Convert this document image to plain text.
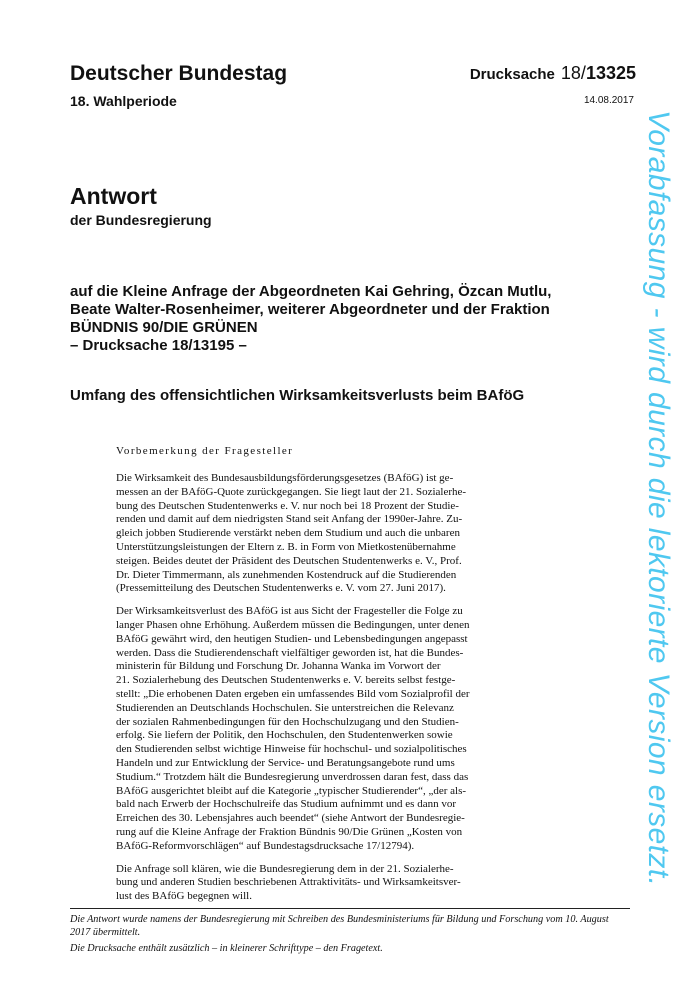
Deutscher Bundestag
18. Wahlperiode
Drucksache 18/13325
14.08.2017
Antwort
der Bundesregierung
auf die Kleine Anfrage der Abgeordneten Kai Gehring, Özcan Mutlu,
Beate Walter-Rosenheimer, weiterer Abgeordneter und der Fraktion
BÜNDNIS 90/DIE GRÜNEN
– Drucksache 18/13195 –
Umfang des offensichtlichen Wirksamkeitsverlusts beim BAföG
Vorbemerkung der Fragesteller

Die Wirksamkeit des Bundesausbildungsförderungsgesetzes (BAföG) ist ge-
messen an der BAföG-Quote zurückgegangen. Sie liegt laut der 21. Sozialerhe-
bung des Deutschen Studentenwerks e. V. nur noch bei 18 Prozent der Studie-
renden und damit auf dem niedrigsten Stand seit Anfang der 1990er-Jahre. Zu-
gleich jobben Studierende verstärkt neben dem Studium und auch die unbaren
Unterstützungsleistungen der Eltern z. B. in Form von Mietkostenübernahme
steigen. Beides deutet der Präsident des Deutschen Studentenwerks e. V., Prof.
Dr. Dieter Timmermann, als zunehmenden Kostendruck auf die Studierenden
(Pressemitteilung des Deutschen Studentenwerks e. V. vom 27. Juni 2017).

Der Wirksamkeitsverlust des BAföG ist aus Sicht der Fragesteller die Folge zu
langer Phasen ohne Erhöhung. Außerdem müssen die Bedingungen, unter denen
BAföG gewährt wird, den heutigen Studien- und Lebensbedingungen angepasst
werden. Dass die Studierendenschaft vielfältiger geworden ist, hat die Bundes-
ministerin für Bildung und Forschung Dr. Johanna Wanka im Vorwort der
21. Sozialerhebung des Deutschen Studentenwerks e. V. bereits selbst festge-
stellt: „Die erhobenen Daten ergeben ein umfassendes Bild vom Sozialprofil der
Studierenden an Deutschlands Hochschulen. Sie unterstreichen die Relevanz
der sozialen Rahmenbedingungen für den Hochschulzugang und den Studien-
erfolg. Sie liefern der Politik, den Hochschulen, den Studentenwerken sowie
den Studierenden selbst wichtige Hinweise für hochschul- und sozialpolitisches
Handeln und zur Entwicklung der Service- und Beratungsangebote rund ums
Studium.“ Trotzdem hält die Bundesregierung unverdrossen daran fest, dass das
BAföG ausgerichtet bleibt auf die Kategorie „typischer Studierender“, „der als-
bald nach Erwerb der Hochschulreife das Studium aufnimmt und es dann vor
Erreichen des 30. Lebensjahres auch beendet“ (siehe Antwort der Bundesregie-
rung auf die Kleine Anfrage der Fraktion Bündnis 90/Die Grünen „Kosten von
BAföG-Reformvorschlägen“ auf Bundestagsdrucksache 17/12794).

Die Anfrage soll klären, wie die Bundesregierung dem in der 21. Sozialerhe-
bung und anderen Studien beschriebenen Attraktivitäts- und Wirksamkeitsver-
lust des BAföG begegnen will.

Die Antwort wurde namens der Bundesregierung mit Schreiben des Bundesministeriums für Bildung und Forschung vom 10. August 2017 übermittelt.

Die Drucksache enthält zusätzlich – in kleinerer Schrifttype – den Fragetext.

Vorabfassung - wird durch die lektorierte Version ersetzt.
